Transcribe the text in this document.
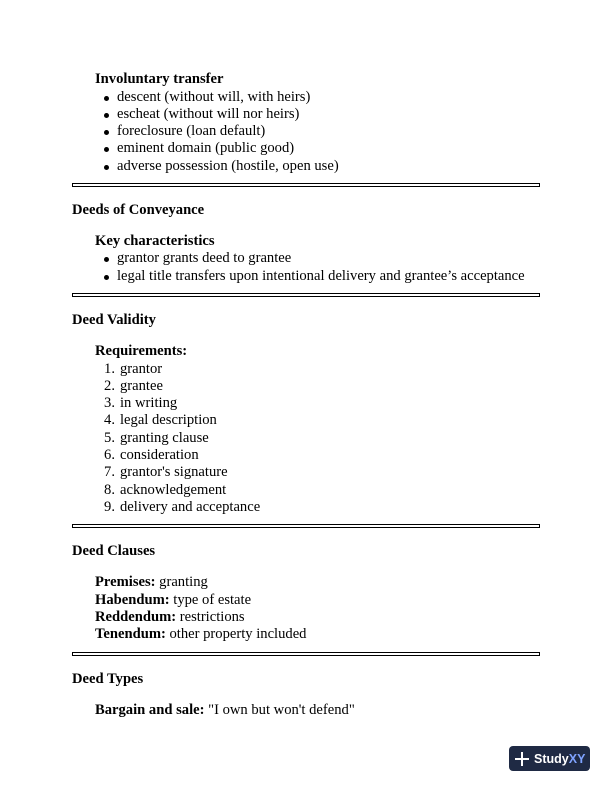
Involuntary transfer
descent (without will, with heirs)
escheat (without will nor heirs)
foreclosure (loan default)
eminent domain (public good)
adverse possession (hostile, open use)
Deeds of Conveyance
Key characteristics
grantor grants deed to grantee
legal title transfers upon intentional delivery and grantee’s acceptance
Deed Validity
Requirements:
1. grantor
2. grantee
3. in writing
4. legal description
5. granting clause
6. consideration
7. grantor's signature
8. acknowledgement
9. delivery and acceptance
Deed Clauses
Premises: granting
Habendum: type of estate
Reddendum: restrictions
Tenendum: other property included
Deed Types
Bargain and sale: "I own but won't defend"
Study XY
